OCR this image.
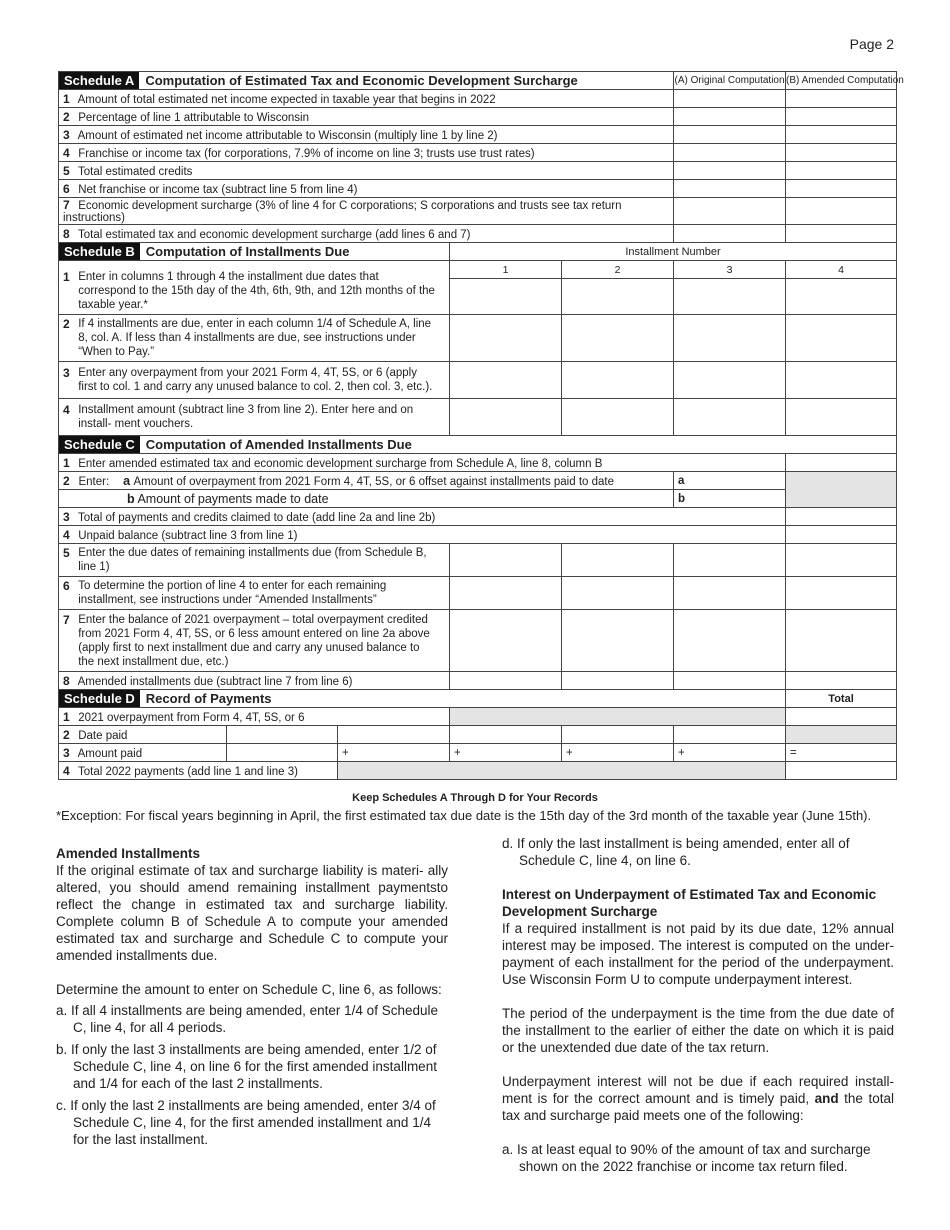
Page 2
Schedule A Computation of Estimated Tax and Economic Development Surcharge					(A) Original Computation	(B) Amended Computation
1 Amount of total estimated net income expected in taxable year that begins in 2022						
2 Percentage of line 1 attributable to Wisconsin						
3 Amount of estimated net income attributable to Wisconsin (multiply line 1 by line 2)						
4 Franchise or income tax (for corporations, 7.9% of income on line 3; trusts use trust rates)						
5 Total estimated credits						
6 Net franchise or income tax (subtract line 5 from line 4)						
7 Economic development surcharge (3% of line 4 for C corporations; S corporations and trusts see tax return instructions)						
8 Total estimated tax and economic development surcharge (add lines 6 and 7)						
Schedule B Computation of Installments Due			Installment Number			
1 Enter in columns 1 through 4 the installment due dates that correspond to the 15th day of the 4th, 6th, 9th, and 12th months of the taxable year.*			1	2	3	4

2 If 4 installments are due, enter in each column 1/4 of Schedule A, line 8, col. A. If less than 4 installments are due, see instructions under “When to Pay.”						
3 Enter any overpayment from your 2021 Form 4, 4T, 5S, or 6 (apply first to col. 1 and carry any unused balance to col. 2, then col. 3, etc.).						
4 Installment amount (subtract line 3 from line 2). Enter here and on install- ment vouchers.						
Schedule C Computation of Amended Installments Due						
1 Enter amended estimated tax and economic development surcharge from Schedule A, line 8, column B						
2 Enter: a Amount of overpayment from 2021 Form 4, 4T, 5S, or 6 offset against installments paid to date					a	
b Amount of payments made to date					b	
3 Total of payments and credits claimed to date (add line 2a and line 2b)						
4 Unpaid balance (subtract line 3 from line 1)						
5 Enter the due dates of remaining installments due (from Schedule B, line 1)						
6 To determine the portion of line 4 to enter for each remaining installment, see instructions under “Amended Installments”						
7 Enter the balance of 2021 overpayment – total overpayment credited from 2021 Form 4, 4T, 5S, or 6 less amount entered on line 2a above (apply first to next installment due and carry any unused balance to the next installment due, etc.)						
8 Amended installments due (subtract line 7 from line 6)						
Schedule D Record of Payments						Total
1 2021 overpayment from Form 4, 4T, 5S, or 6						
2 Date paid						
3 Amount paid		+	+	+	+	=
4 Total 2022 payments (add line 1 and line 3)						
Keep Schedules A Through D for Your Records
*Exception: For fiscal years beginning in April, the first estimated tax due date is the 15th day of the 3rd month of the taxable year (June 15th).
Amended Installments

If the original estimate of tax and surcharge liability is materi- ally altered, you should amend remaining installment paymentsto reflect the change in estimated tax and surcharge liability. Complete column B of Schedule A to compute your amended estimated tax and surcharge and Schedule C to compute your amended installments due.

Determine the amount to enter on Schedule C, line 6, as follows:

a. If all 4 installments are being amended, enter 1/4 of Schedule C, line 4, for all 4 periods.

b. If only the last 3 installments are being amended, enter 1/2 of Schedule C, line 4, on line 6 for the first amended installment and 1/4 for each of the last 2 installments.

c. If only the last 2 installments are being amended, enter 3/4 of Schedule C, line 4, for the first amended installment and 1/4 for the last installment.

d. If only the last installment is being amended, enter all of Schedule C, line 4, on line 6.

Interest on Underpayment of Estimated Tax and Economic Development Surcharge

If a required installment is not paid by its due date, 12% annual interest may be imposed. The interest is computed on the under- payment of each installment for the period of the underpayment. Use Wisconsin Form U to compute underpayment interest.

The period of the underpayment is the time from the due date of the installment to the earlier of either the date on which it is paid or the unextended due date of the tax return.

Underpayment interest will not be due if each required install- ment is for the correct amount and is timely paid, and the total tax and surcharge paid meets one of the following:

a. Is at least equal to 90% of the amount of tax and surcharge shown on the 2022 franchise or income tax return filed.
